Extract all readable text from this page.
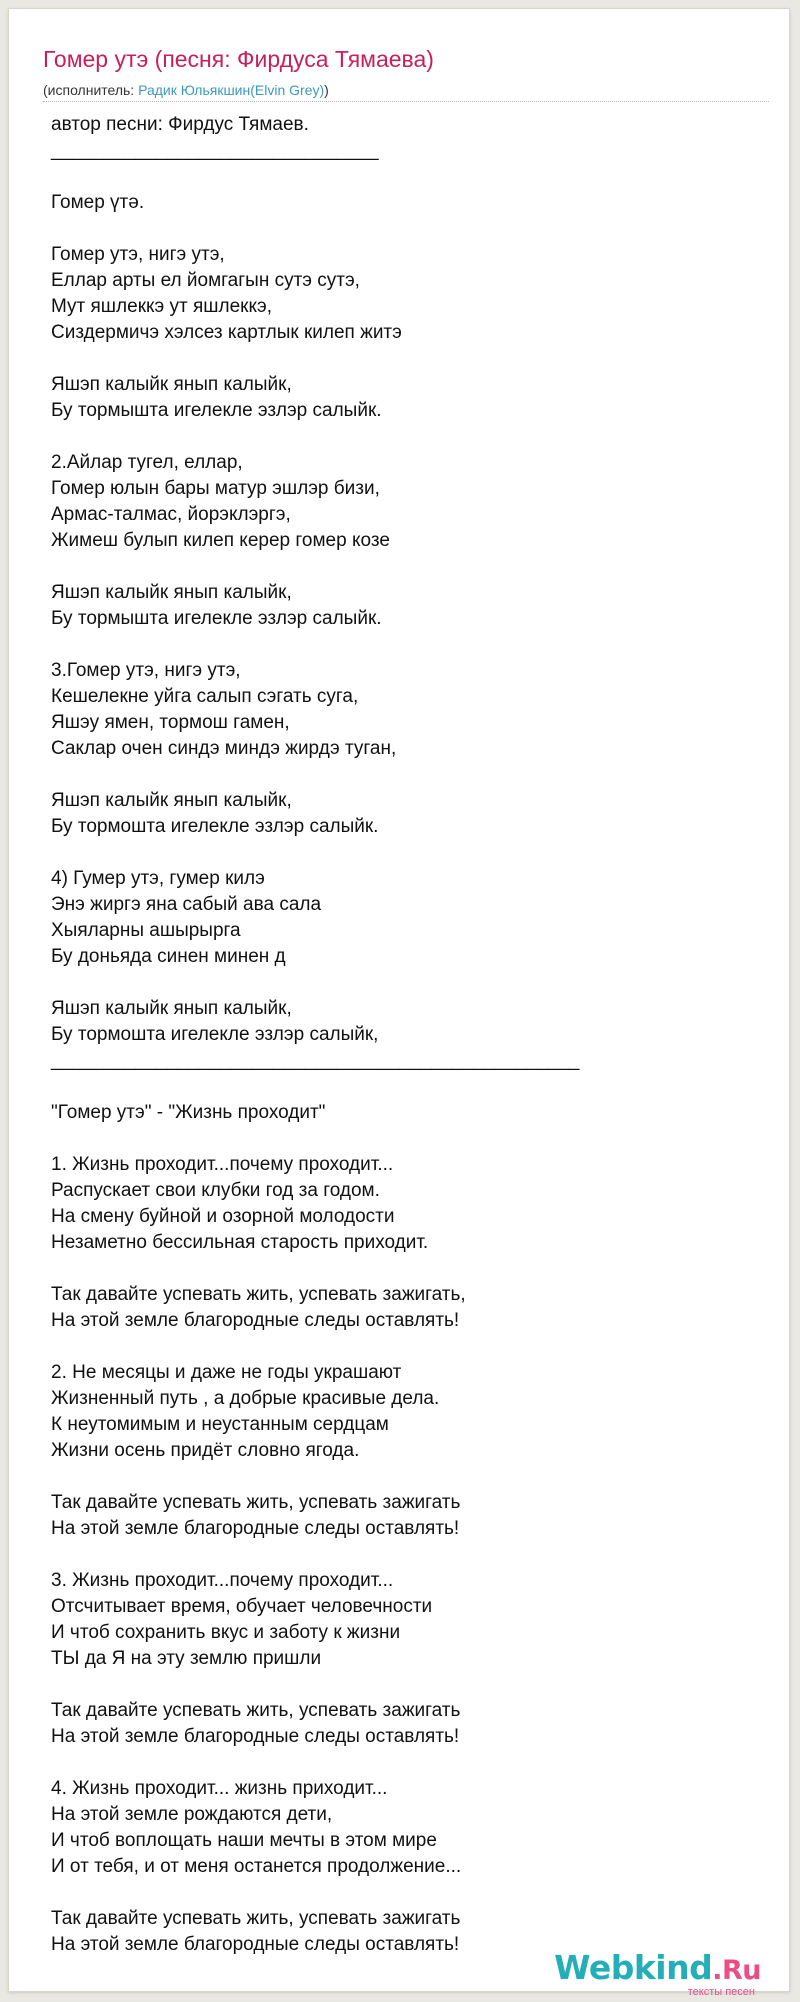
Гомер утэ (песня: Фирдуса Тямаева)
(исполнитель: Радик Юльякшин(Elvin Grey))
автор песни: Фирдус Тямаев.
_______________________________
Гомер үтә.
Гомер утэ, нигэ утэ,
Еллар арты ел йомгагын сутэ сутэ,
Мут яшлеккэ ут яшлеккэ,
Сиздермичэ хэлсез картлык килеп житэ
Яшэп калыйк янып калыйк,
Бу тормышта игелекле эзлэр салыйк.
2.Айлар тугел, еллар,
Гомер юлын бары матур эшлэр бизи,
Армас-талмас, йорэклэргэ,
Жимеш булып килеп керер гомер козе
Яшэп калыйк янып калыйк,
Бу тормышта игелекле эзлэр салыйк.
3.Гомер утэ, нигэ утэ,
Кешелекне уйга салып сэгать суга,
Яшэу ямен, тормош гамен,
Саклар очен синдэ миндэ жирдэ туган,
Яшэп калыйк янып калыйк,
Бу тормошта игелекле эзлэр салыйк.
4) Гумер утэ, гумер килэ
Энэ жиргэ яна сабый ава сала
Хыяларны ашырырга
Бу доньяда синен минен д
Яшэп калыйк янып калыйк,
Бу тормошта игелекле эзлэр салыйк,
__________________________________________________
"Гомер утэ" - "Жизнь проходит"
1. Жизнь проходит...почему проходит...
Распускает свои клубки год за годом.
На смену буйной и озорной молодости
Незаметно бессильная старость приходит.
Так давайте успевать жить, успевать зажигать,
На этой земле благородные следы оставлять!
2. Не месяцы и даже не годы украшают
Жизненный путь , а добрые красивые дела.
К неутомимым и неустанным сердцам
Жизни осень придёт словно ягода.
Так давайте успевать жить, успевать зажигать
На этой земле благородные следы оставлять!
3. Жизнь проходит...почему проходит...
Отсчитывает время, обучает человечности
И чтоб сохранить вкус и заботу к жизни
ТЫ да Я на эту землю пришли
Так давайте успевать жить, успевать зажигать
На этой земле благородные следы оставлять!
4. Жизнь проходит... жизнь приходит...
На этой земле рождаются дети,
И чтоб воплощать наши мечты в этом мире
И от тебя, и от меня останется продолжение...
Так давайте успевать жить, успевать зажигать
На этой земле благородные следы оставлять!
Webkind.Ru
тексты песен
